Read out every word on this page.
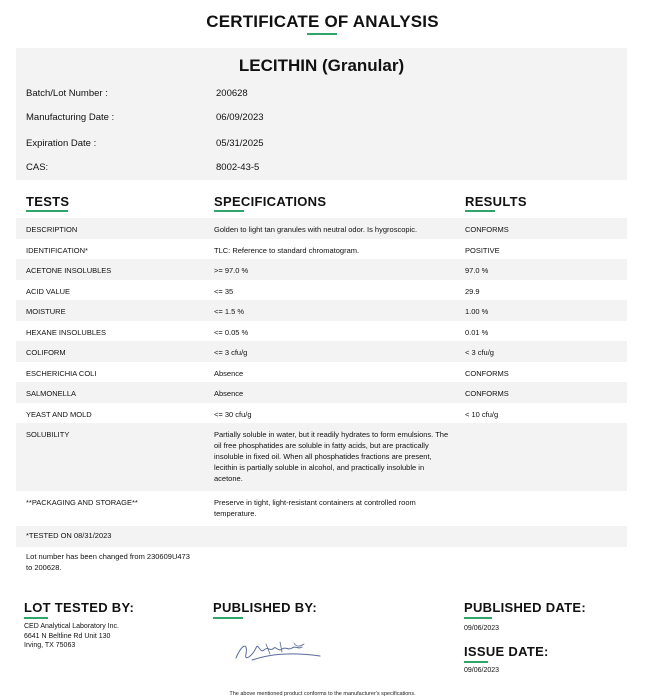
CERTIFICATE OF ANALYSIS
LECITHIN (Granular)
Batch/Lot Number :	200628
Manufacturing Date :	06/09/2023
Expiration Date :	05/31/2025
CAS:	8002-43-5
TESTS	SPECIFICATIONS	RESULTS
DESCRIPTION	Golden to light tan granules with neutral odor. Is hygroscopic.	CONFORMS
IDENTIFICATION*	TLC: Reference to standard chromatogram.	POSITIVE
ACETONE INSOLUBLES	>= 97.0 %	97.0 %
ACID VALUE	<= 35	29.9
MOISTURE	<= 1.5 %	1.00 %
HEXANE INSOLUBLES	<= 0.05 %	0.01 %
COLIFORM	<= 3 cfu/g	< 3 cfu/g
ESCHERICHIA COLI	Absence	CONFORMS
SALMONELLA	Absence	CONFORMS
YEAST AND MOLD	<= 30 cfu/g	< 10 cfu/g
SOLUBILITY	Partially soluble in water, but it readily hydrates to form emulsions. The oil free phosphatides are soluble in fatty acids, but are practically insoluble in fixed oil. When all phosphatides fractions are present, lecithin is partially soluble in alcohol, and practically insoluble in acetone.
**PACKAGING AND STORAGE**	Preserve in tight, light-resistant containers at controlled room temperature.
*TESTED ON 08/31/2023
Lot number has been changed from 230609U473 to 200628.
LOT TESTED BY:
CED Analytical Laboratory Inc.
6641 N Beltline Rd Unit 130
Irving, TX 75063
PUBLISHED BY:	PUBLISHED DATE:
09/06/2023
ISSUE DATE:
09/06/2023
The above mentioned product conforms to the manufacturer's specifications.
